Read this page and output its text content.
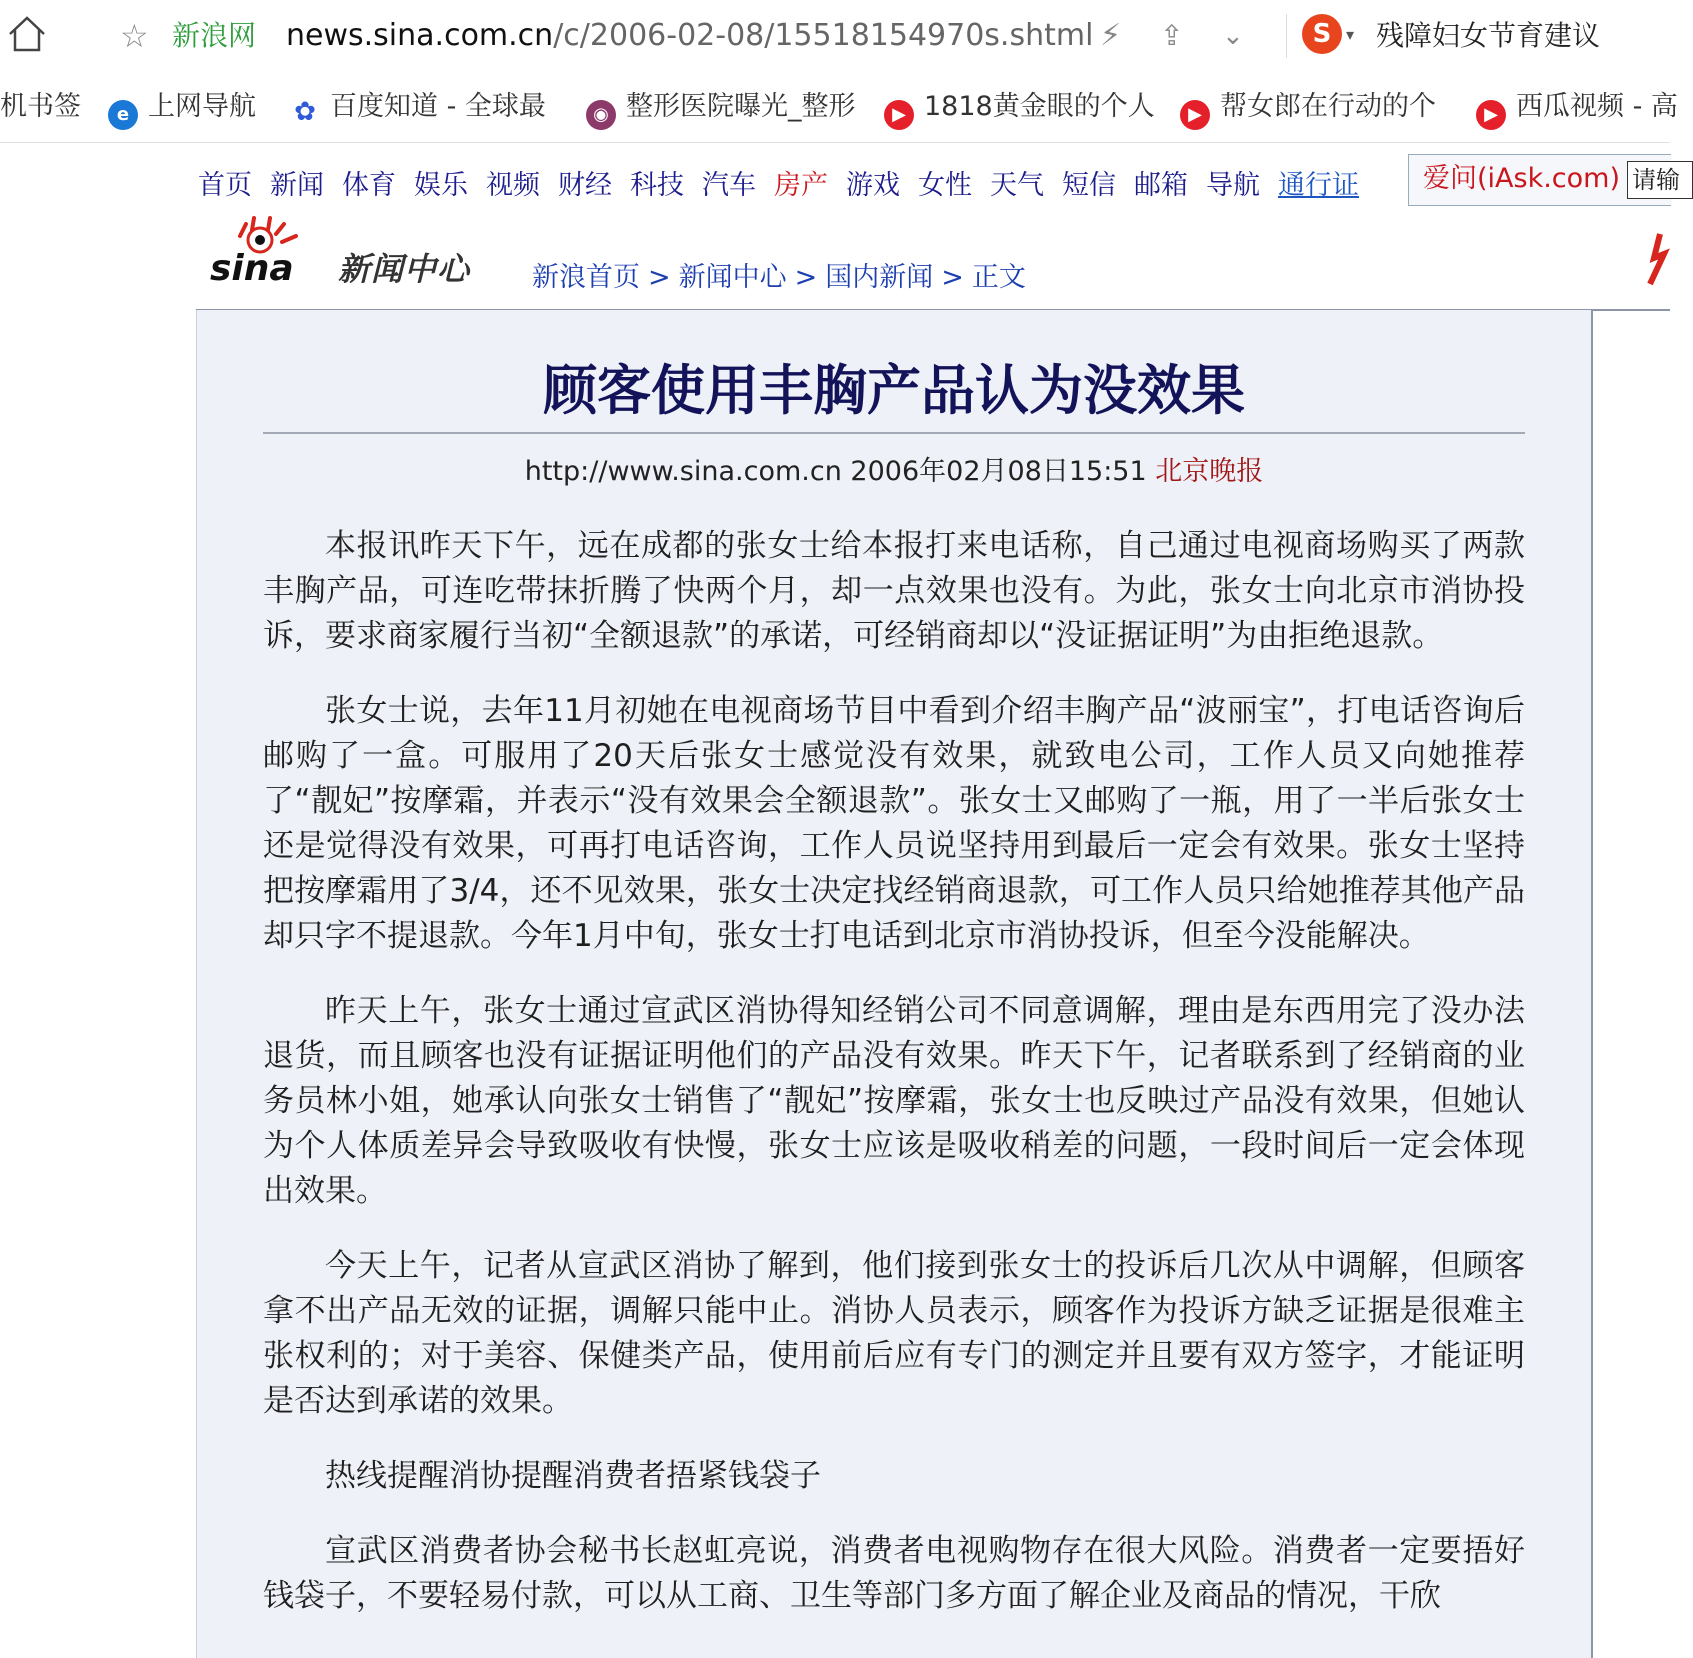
☆ 新浪网 news.sina.com.cn/c/2006-02-08/15518154970s.shtml ⚡ ⇪ ⌄	S ▾ 残障妇女节育建议
机书签	e 上网导航	✿ 百度知道 - 全球最	◉ 整形医院曝光_整形	▶ 1818黄金眼的个人	▶ 帮女郎在行动的个	▶ 西瓜视频 - 高
首页 新闻 体育 娱乐 视频 财经 科技 汽车 房产 游戏 女性 天气 短信 邮箱 导航 通行证	爱问(iAsk.com) 请输
sina 新闻中心 新浪首页 > 新闻中心 > 国内新闻 > 正文
顾客使用丰胸产品认为没效果
http://www.sina.com.cn 2006年02月08日15:51 北京晚报

本报讯昨天下午，远在成都的张女士给本报打来电话称，自己通过电视商场购买了两款丰胸产品，可连吃带抹折腾了快两个月，却一点效果也没有。为此，张女士向北京市消协投诉，要求商家履行当初“全额退款”的承诺，可经销商却以“没证据证明”为由拒绝退款。

张女士说，去年11月初她在电视商场节目中看到介绍丰胸产品“波丽宝”，打电话咨询后邮购了一盒。可服用了20天后张女士感觉没有效果，就致电公司，工作人员又向她推荐了“靓妃”按摩霜，并表示“没有效果会全额退款”。张女士又邮购了一瓶，用了一半后张女士还是觉得没有效果，可再打电话咨询，工作人员说坚持用到最后一定会有效果。张女士坚持把按摩霜用了3/4，还不见效果，张女士决定找经销商退款，可工作人员只给她推荐其他产品却只字不提退款。今年1月中旬，张女士打电话到北京市消协投诉，但至今没能解决。

昨天上午，张女士通过宣武区消协得知经销公司不同意调解，理由是东西用完了没办法退货，而且顾客也没有证据证明他们的产品没有效果。昨天下午，记者联系到了经销商的业务员林小姐，她承认向张女士销售了“靓妃”按摩霜，张女士也反映过产品没有效果，但她认为个人体质差异会导致吸收有快慢，张女士应该是吸收稍差的问题，一段时间后一定会体现出效果。

今天上午，记者从宣武区消协了解到，他们接到张女士的投诉后几次从中调解，但顾客拿不出产品无效的证据，调解只能中止。消协人员表示，顾客作为投诉方缺乏证据是很难主张权利的；对于美容、保健类产品，使用前后应有专门的测定并且要有双方签字，才能证明是否达到承诺的效果。

热线提醒消协提醒消费者捂紧钱袋子

宣武区消费者协会秘书长赵虹亮说，消费者电视购物存在很大风险。消费者一定要捂好钱袋子，不要轻易付款，可以从工商、卫生等部门多方面了解企业及商品的情况，干欣
